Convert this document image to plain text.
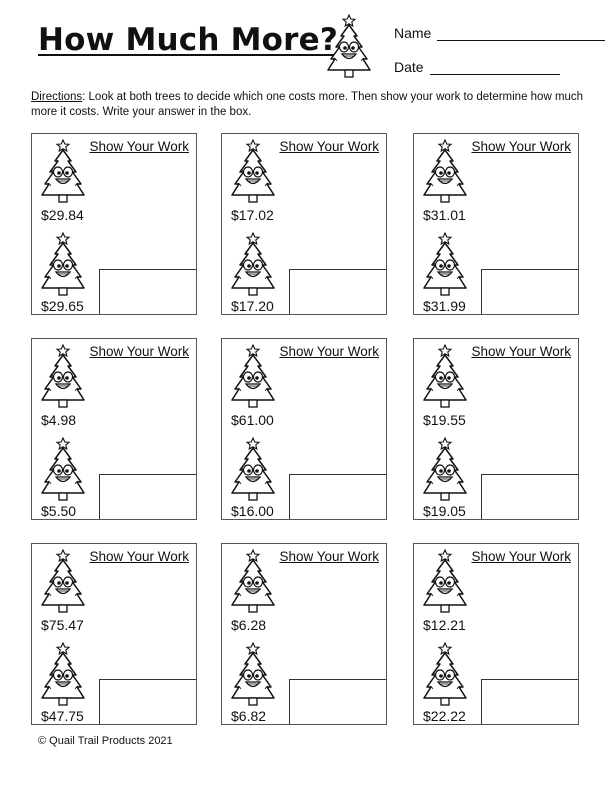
How Much More?	Name
Date
Directions: Look at both trees to decide which one costs more. Then show your work to determine how much more it costs. Write your answer in the box.
Show Your Work
$29.84
$29.65
Show Your Work
$17.02
$17.20
Show Your Work
$31.01
$31.99
Show Your Work
$4.98
$5.50
Show Your Work
$61.00
$16.00
Show Your Work
$19.55
$19.05
Show Your Work
$75.47
$47.75
Show Your Work
$6.28
$6.82
Show Your Work
$12.21
$22.22
© Quail Trail Products 2021
